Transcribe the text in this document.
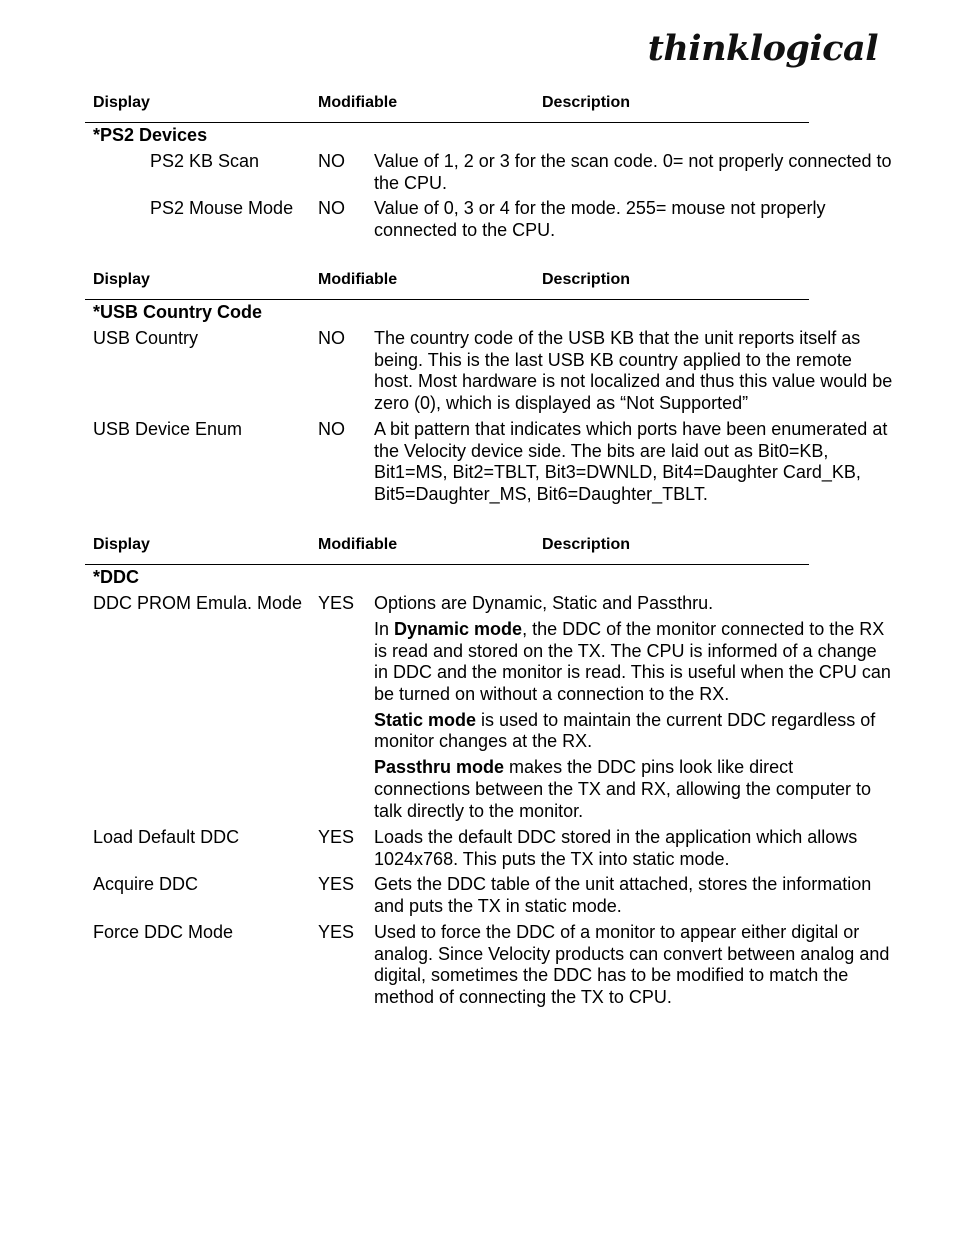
thinklogical
Display	Modifiable	Description
*PS2 Devices
PS2 KB Scan	NO Value of 1, 2 or 3 for the scan code. 0= not properly connected to the CPU.
PS2 Mouse Mode NO Value of 0, 3 or 4 for the mode. 255= mouse not properly connected to the CPU.
Display	Modifiable	Description
*USB Country Code
USB Country	NO The country code of the USB KB that the unit reports itself as being. This is the last USB KB country applied to the remote host. Most hardware is not localized and thus this value would be zero (0), which is displayed as “Not Supported”
USB Device Enum	NO A bit pattern that indicates which ports have been enumerated at the Velocity device side. The bits are laid out as Bit0=KB, Bit1=MS, Bit2=TBLT, Bit3=DWNLD, Bit4=Daughter Card_KB, Bit5=Daughter_MS, Bit6=Daughter_TBLT.
Display	Modifiable	Description
*DDC
DDC PROM Emula. Mode YES Options are Dynamic, Static and Passthru.

In Dynamic mode, the DDC of the monitor connected to the RX is read and stored on the TX. The CPU is informed of a change in DDC and the monitor is read. This is useful when the CPU can be turned on without a connection to the RX.

Static mode is used to maintain the current DDC regardless of monitor changes at the RX.

Passthru mode makes the DDC pins look like direct connections between the TX and RX, allowing the computer to talk directly to the monitor.

Load Default DDC	YES Loads the default DDC stored in the application which allows 1024x768. This puts the TX into static mode.
Acquire DDC	YES Gets the DDC table of the unit attached, stores the information and puts the TX in static mode.
Force DDC Mode	YES Used to force the DDC of a monitor to appear either digital or analog. Since Velocity products can convert between analog and digital, sometimes the DDC has to be modified to match the method of connecting the TX to CPU.
